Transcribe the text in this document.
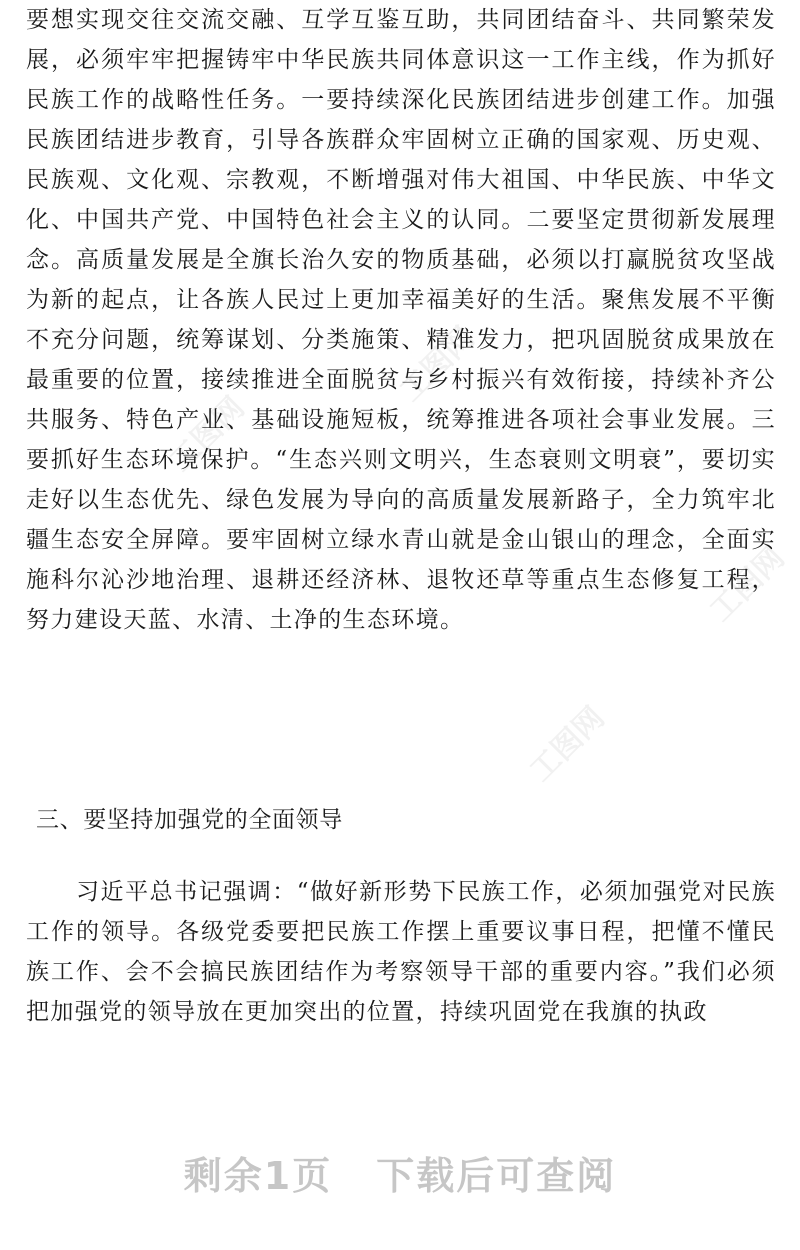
要想实现交往交流交融、互学互鉴互助，共同团结奋斗、共同繁荣发展，必须牢牢把握铸牢中华民族共同体意识这一工作主线，作为抓好民族工作的战略性任务。一要持续深化民族团结进步创建工作。加强民族团结进步教育，引导各族群众牢固树立正确的国家观、历史观、民族观、文化观、宗教观，不断增强对伟大祖国、中华民族、中华文化、中国共产党、中国特色社会主义的认同。二要坚定贯彻新发展理念。高质量发展是全旗长治久安的物质基础，必须以打赢脱贫攻坚战为新的起点，让各族人民过上更加幸福美好的生活。聚焦发展不平衡不充分问题，统筹谋划、分类施策、精准发力，把巩固脱贫成果放在最重要的位置，接续推进全面脱贫与乡村振兴有效衔接，持续补齐公共服务、特色产业、基础设施短板，统筹推进各项社会事业发展。三要抓好生态环境保护。“生态兴则文明兴，生态衰则文明衰”，要切实走好以生态优先、绿色发展为导向的高质量发展新路子，全力筑牢北疆生态安全屏障。要牢固树立绿水青山就是金山银山的理念，全面实施科尔沁沙地治理、退耕还经济林、退牧还草等重点生态修复工程，努力建设天蓝、水清、土净的生态环境。

三、要坚持加强党的全面领导

习近平总书记强调：“做好新形势下民族工作，必须加强党对民族工作的领导。各级党委要把民族工作摆上重要议事日程，把懂不懂民族工作、会不会搞民族团结作为考察领导干部的重要内容。”我们必须把加强党的领导放在更加突出的位置，持续巩固党在我旗的执政

工图网
工图网
工图网
工图网
剩余1页 下载后可查阅
